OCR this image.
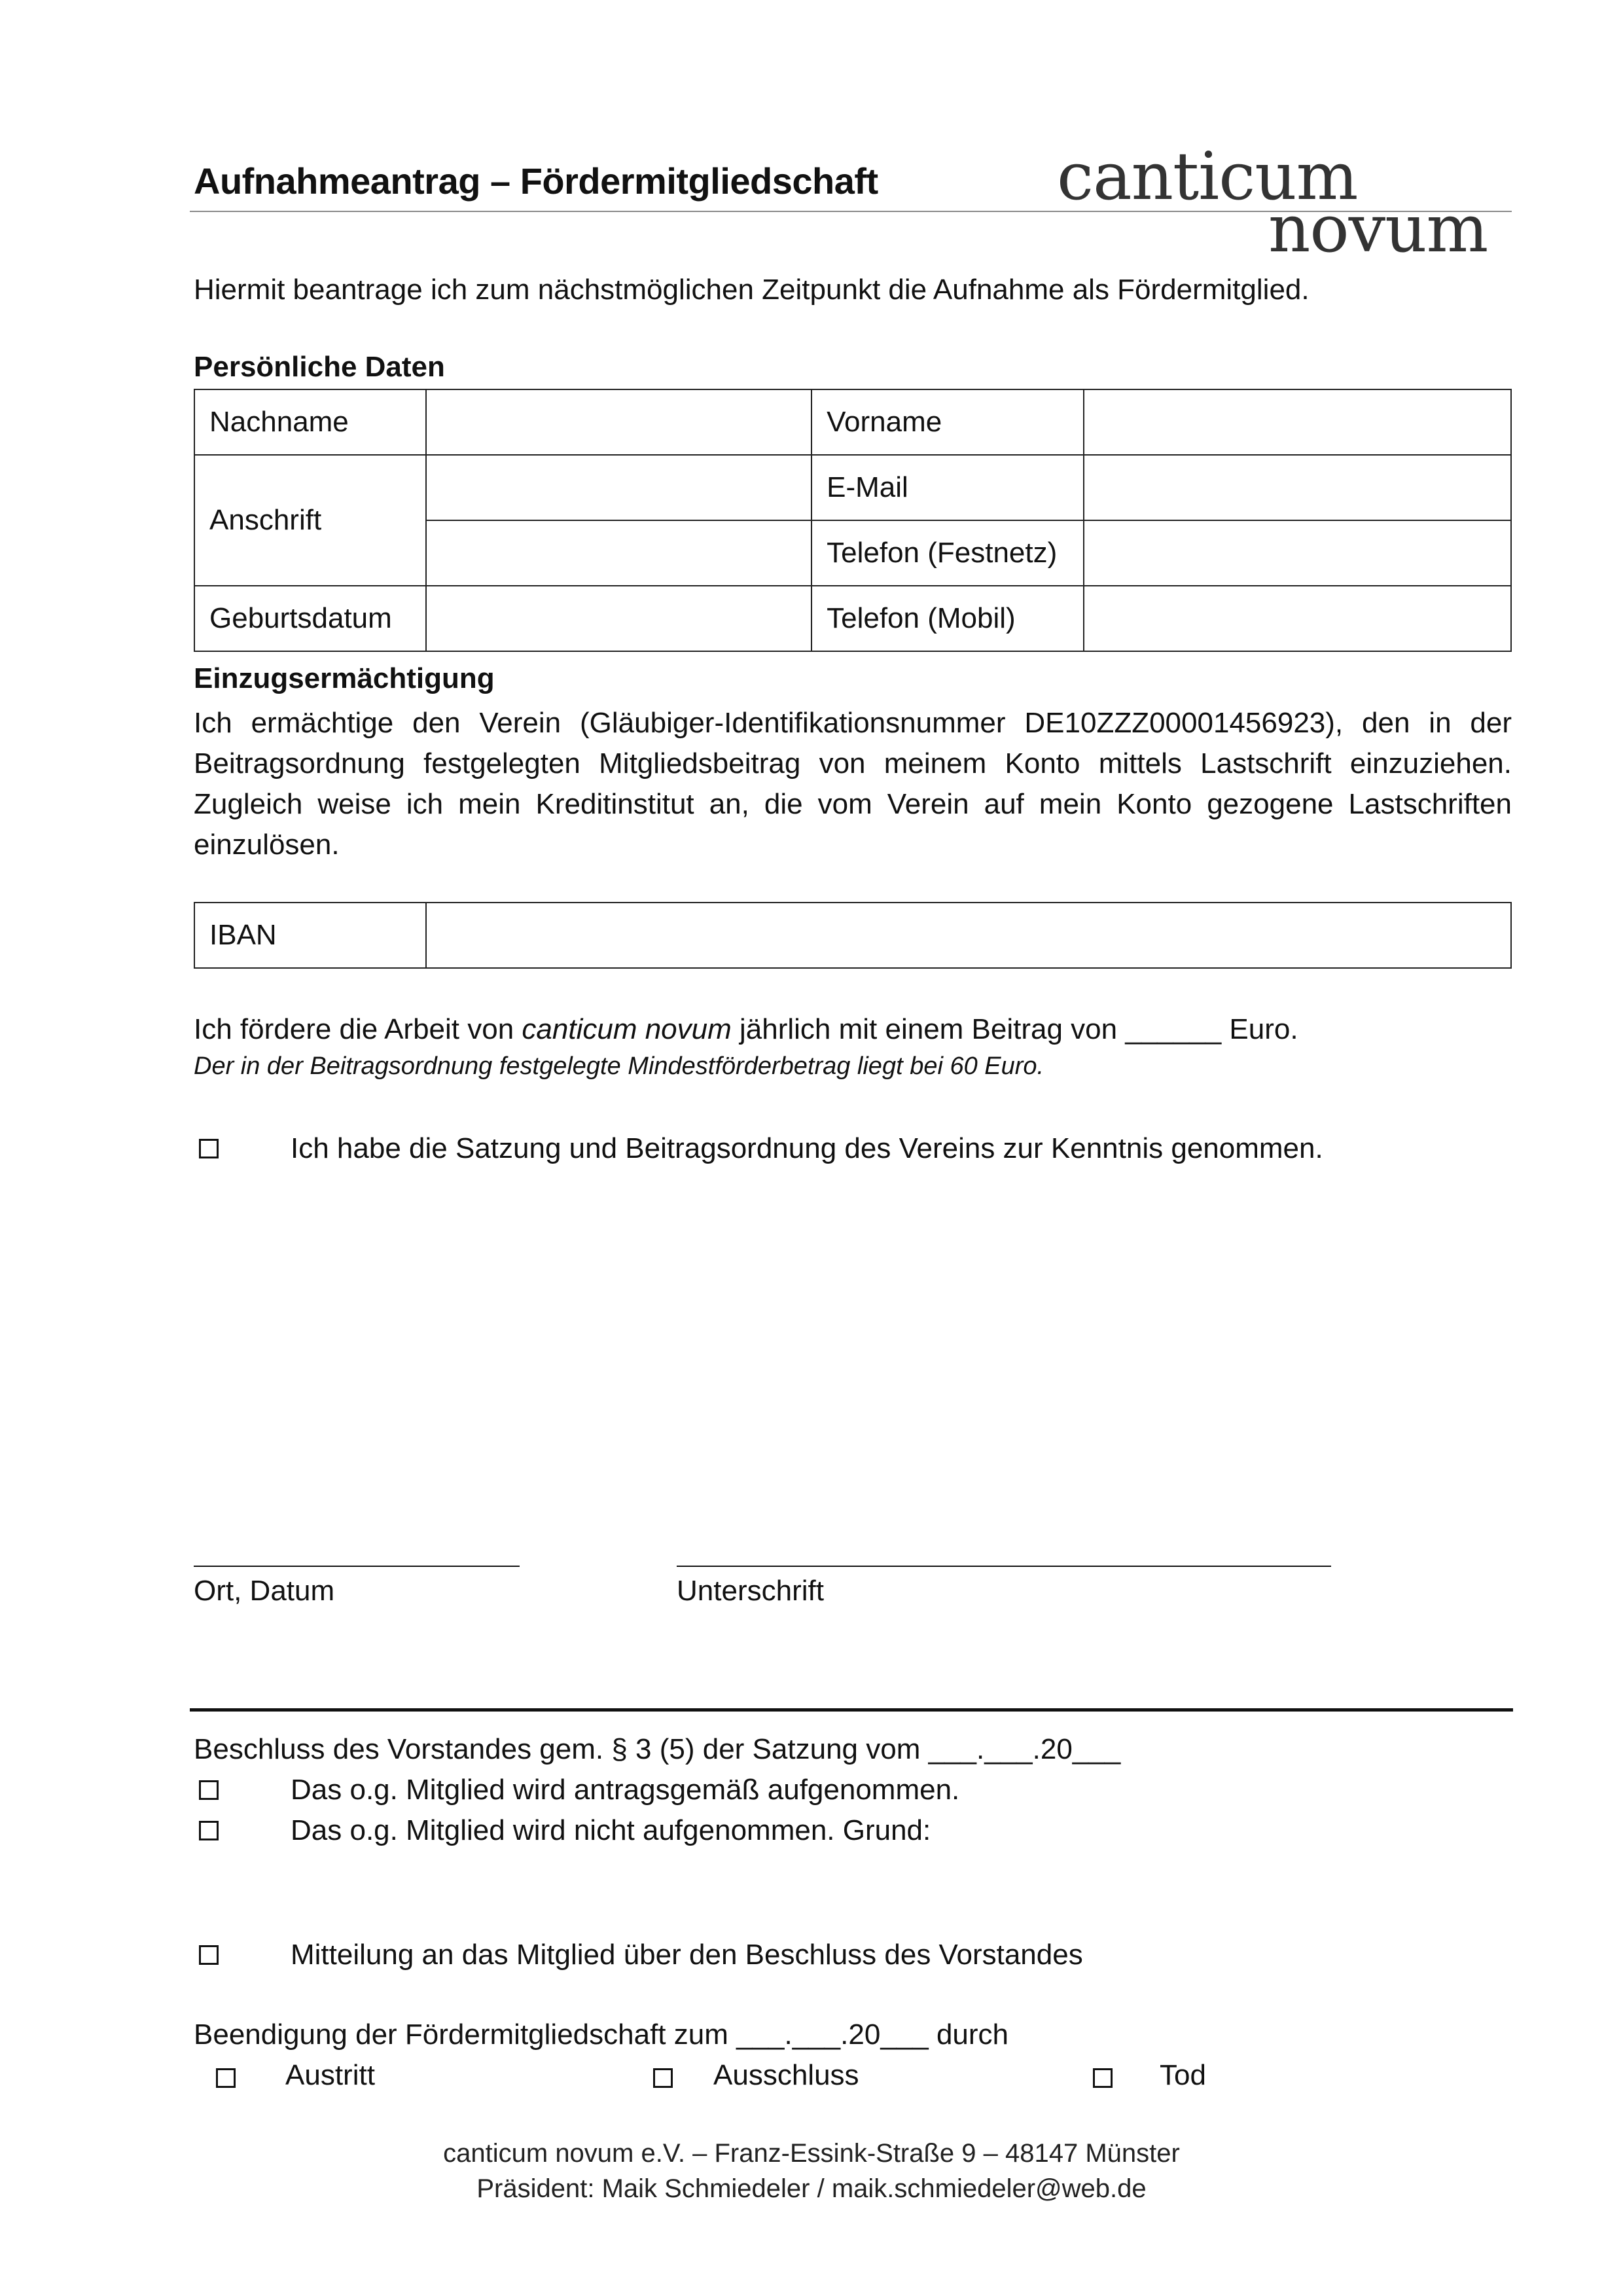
Aufnahmeantrag – Fördermitgliedschaft	canticum
novum
Hiermit beantrage ich zum nächstmöglichen Zeitpunkt die Aufnahme als Fördermitglied.
Persönliche Daten
Nachname		Vorname	
Anschrift		E-Mail	
		Telefon (Festnetz)	
Geburtsdatum		Telefon (Mobil)	
Einzugsermächtigung
Ich ermächtige den Verein (Gläubiger-Identifikationsnummer DE10ZZZ00001456923), den in der Beitragsordnung festgelegten Mitgliedsbeitrag von meinem Konto mittels Lastschrift einzuziehen. Zugleich weise ich mein Kreditinstitut an, die vom Verein auf mein Konto gezogene Lastschriften einzulösen.
IBAN	
Ich fördere die Arbeit von canticum novum jährlich mit einem Beitrag von ______ Euro.
Der in der Beitragsordnung festgelegte Mindestförderbetrag liegt bei 60 Euro.
Ich habe die Satzung und Beitragsordnung des Vereins zur Kenntnis genommen.
Ort, Datum	Unterschrift
Beschluss des Vorstandes gem. § 3 (5) der Satzung vom ___.___.20___
Das o.g. Mitglied wird antragsgemäß aufgenommen.
Das o.g. Mitglied wird nicht aufgenommen. Grund:
Mitteilung an das Mitglied über den Beschluss des Vorstandes
Beendigung der Fördermitgliedschaft zum ___.___.20___ durch
Austritt	Ausschluss	Tod
canticum novum e.V. – Franz-Essink-Straße 9 – 48147 Münster
Präsident: Maik Schmiedeler / maik.schmiedeler@web.de
